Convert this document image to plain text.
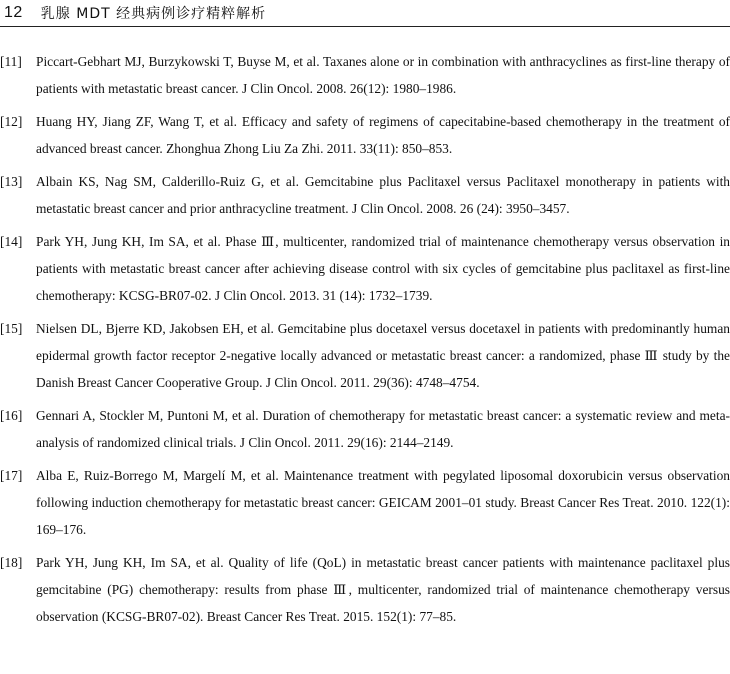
12 乳腺 MDT 经典病例诊疗精粹解析
[11]	Piccart-Gebhart MJ, Burzykowski T, Buyse M, et al. Taxanes alone or in combination with anthracyclines as first-line therapy of patients with metastatic breast cancer. J Clin Oncol. 2008. 26(12): 1980–1986.
[12]	Huang HY, Jiang ZF, Wang T, et al. Efficacy and safety of regimens of capecitabine-based chemotherapy in the treatment of advanced breast cancer. Zhonghua Zhong Liu Za Zhi. 2011. 33(11): 850–853.
[13]	Albain KS, Nag SM, Calderillo-Ruiz G, et al. Gemcitabine plus Paclitaxel versus Paclitaxel monotherapy in patients with metastatic breast cancer and prior anthracycline treatment. J Clin Oncol. 2008. 26 (24): 3950–3457.
[14]	Park YH, Jung KH, Im SA, et al. Phase Ⅲ, multicenter, randomized trial of maintenance chemotherapy versus observation in patients with metastatic breast cancer after achieving disease control with six cycles of gemcitabine plus paclitaxel as first-line chemotherapy: KCSG-BR07-02. J Clin Oncol. 2013. 31 (14): 1732–1739.
[15]	Nielsen DL, Bjerre KD, Jakobsen EH, et al. Gemcitabine plus docetaxel versus docetaxel in patients with predominantly human epidermal growth factor receptor 2-negative locally advanced or metastatic breast cancer: a randomized, phase Ⅲ study by the Danish Breast Cancer Cooperative Group. J Clin Oncol. 2011. 29(36): 4748–4754.
[16]	Gennari A, Stockler M, Puntoni M, et al. Duration of chemotherapy for metastatic breast cancer: a systematic review and meta-analysis of randomized clinical trials. J Clin Oncol. 2011. 29(16): 2144–2149.
[17]	Alba E, Ruiz-Borrego M, Margelí M, et al. Maintenance treatment with pegylated liposomal doxorubicin versus observation following induction chemotherapy for metastatic breast cancer: GEICAM 2001–01 study. Breast Cancer Res Treat. 2010. 122(1): 169–176.
[18]	Park YH, Jung KH, Im SA, et al. Quality of life (QoL) in metastatic breast cancer patients with maintenance paclitaxel plus gemcitabine (PG) chemotherapy: results from phase Ⅲ, multicenter, randomized trial of maintenance chemotherapy versus observation (KCSG-BR07-02). Breast Cancer Res Treat. 2015. 152(1): 77–85.
